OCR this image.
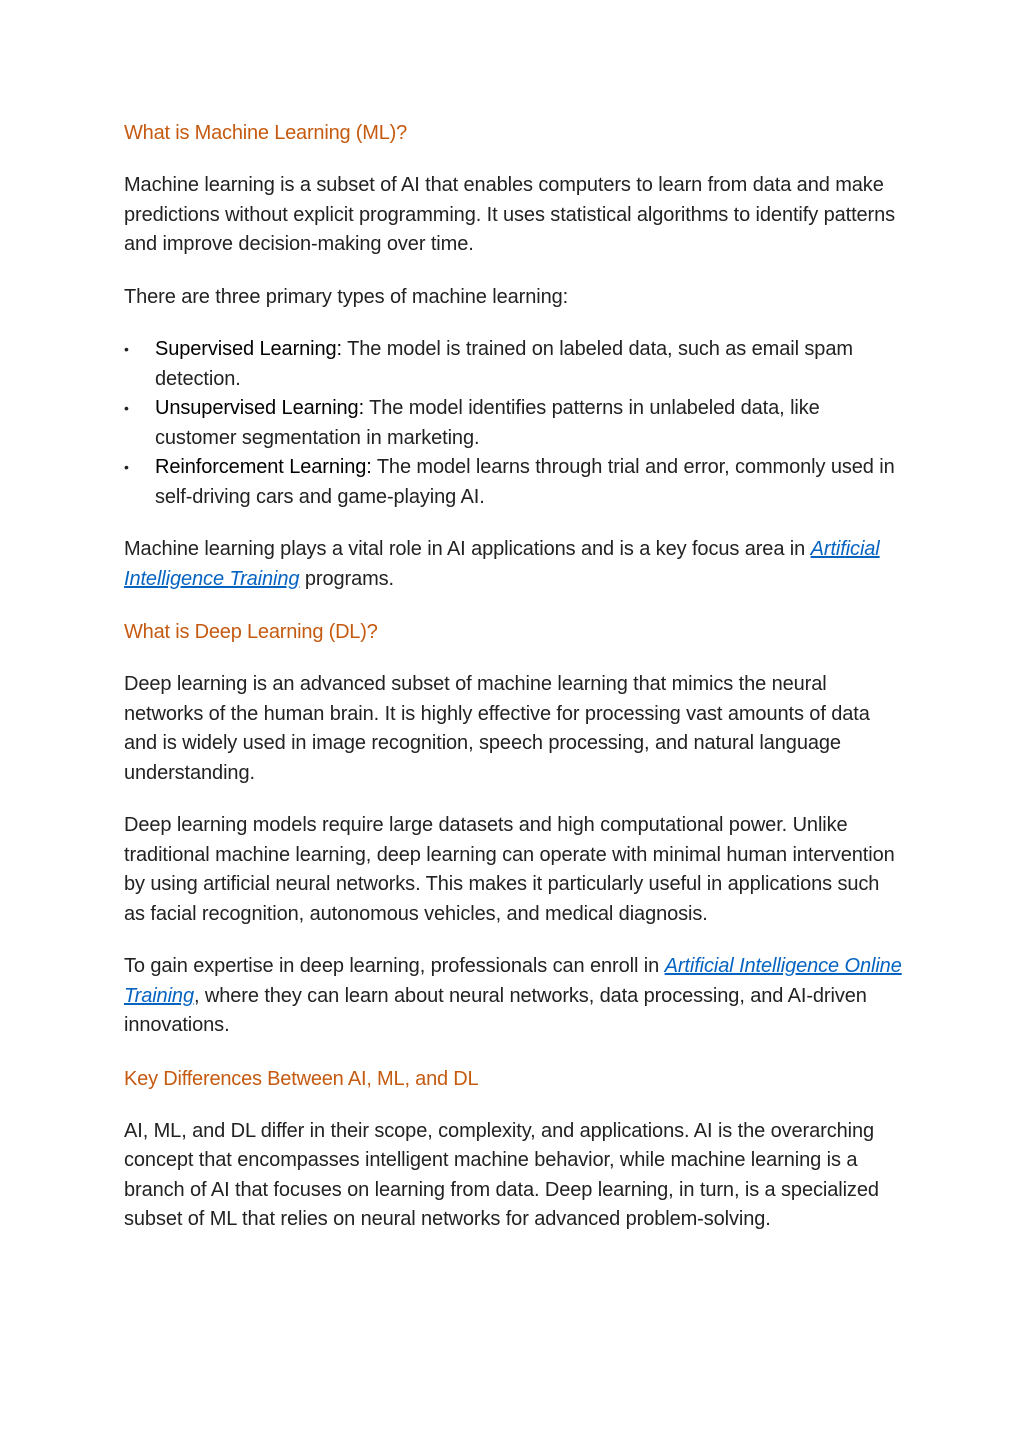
What is Machine Learning (ML)?

Machine learning is a subset of AI that enables computers to learn from data and make predictions without explicit programming. It uses statistical algorithms to identify patterns and improve decision-making over time.

There are three primary types of machine learning:

• Supervised Learning: The model is trained on labeled data, such as email spam detection.
• Unsupervised Learning: The model identifies patterns in unlabeled data, like customer segmentation in marketing.
• Reinforcement Learning: The model learns through trial and error, commonly used in self-driving cars and game-playing AI.

Machine learning plays a vital role in AI applications and is a key focus area in Artificial Intelligence Training programs.

What is Deep Learning (DL)?

Deep learning is an advanced subset of machine learning that mimics the neural networks of the human brain. It is highly effective for processing vast amounts of data and is widely used in image recognition, speech processing, and natural language understanding.

Deep learning models require large datasets and high computational power. Unlike traditional machine learning, deep learning can operate with minimal human intervention by using artificial neural networks. This makes it particularly useful in applications such as facial recognition, autonomous vehicles, and medical diagnosis.

To gain expertise in deep learning, professionals can enroll in Artificial Intelligence Online Training, where they can learn about neural networks, data processing, and AI-driven innovations.

Key Differences Between AI, ML, and DL

AI, ML, and DL differ in their scope, complexity, and applications. AI is the overarching concept that encompasses intelligent machine behavior, while machine learning is a branch of AI that focuses on learning from data. Deep learning, in turn, is a specialized subset of ML that relies on neural networks for advanced problem-solving.
